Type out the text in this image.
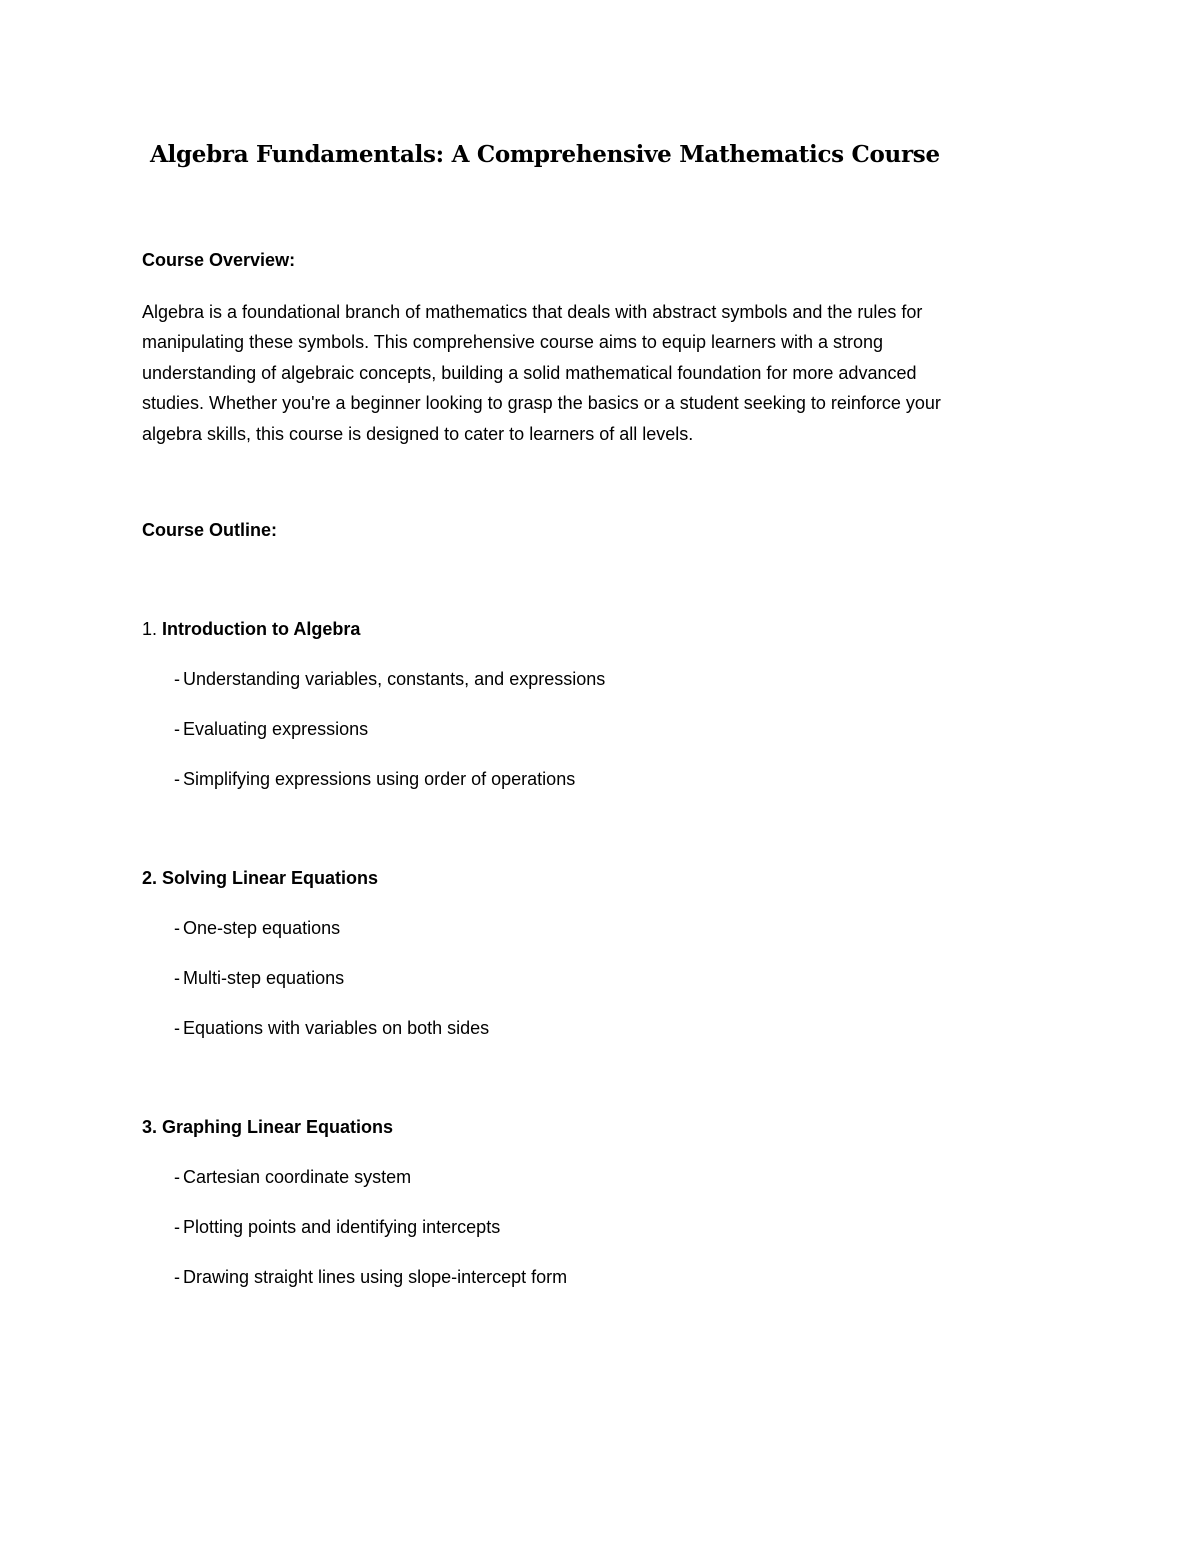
Algebra Fundamentals: A Comprehensive Mathematics Course
Course Overview:
Algebra is a foundational branch of mathematics that deals with abstract symbols and the rules for
manipulating these symbols. This comprehensive course aims to equip learners with a strong
understanding of algebraic concepts, building a solid mathematical foundation for more advanced
studies. Whether you're a beginner looking to grasp the basics or a student seeking to reinforce your
algebra skills, this course is designed to cater to learners of all levels.
Course Outline:
1. Introduction to Algebra
- Understanding variables, constants, and expressions
- Evaluating expressions
- Simplifying expressions using order of operations
2. Solving Linear Equations
- One-step equations
- Multi-step equations
- Equations with variables on both sides
3. Graphing Linear Equations
- Cartesian coordinate system
- Plotting points and identifying intercepts
- Drawing straight lines using slope-intercept form
